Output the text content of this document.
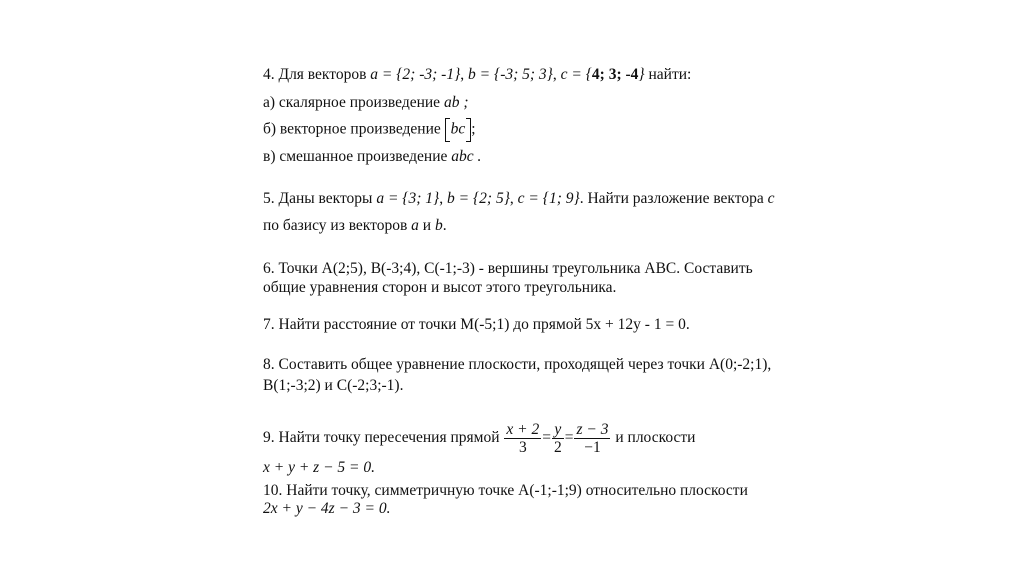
4. Для векторов a = {2; -3; -1}, b = {-3; 5; 3}, c = {4; 3; -4} найти:
а) скалярное произведение ab ;
б) векторное произведение bc ;
в) смешанное произведение abc .
5. Даны векторы a = {3; 1}, b = {2; 5}, c = {1; 9}. Найти разложение вектора c
по базису из векторов a и b.
6. Точки A(2;5), B(-3;4), C(-1;-3) - вершины треугольника ABC. Составить
общие уравнения сторон и высот этого треугольника.
7. Найти расстояние от точки M(-5;1) до прямой 5x + 12y - 1 = 0.
8. Составить общее уравнение плоскости, проходящей через точки A(0;-2;1),
B(1;-3;2) и C(-2;3;-1).
9. Найти точку пересечения прямой $\frac{x + 2}{3} = \frac{y}{2} = \frac{z - 3}{-1}$ и плоскости
x + y + z − 5 = 0.
10. Найти точку, симметричную точке A(-1;-1;9) относительно плоскости
2x + y − 4z − 3 = 0.
